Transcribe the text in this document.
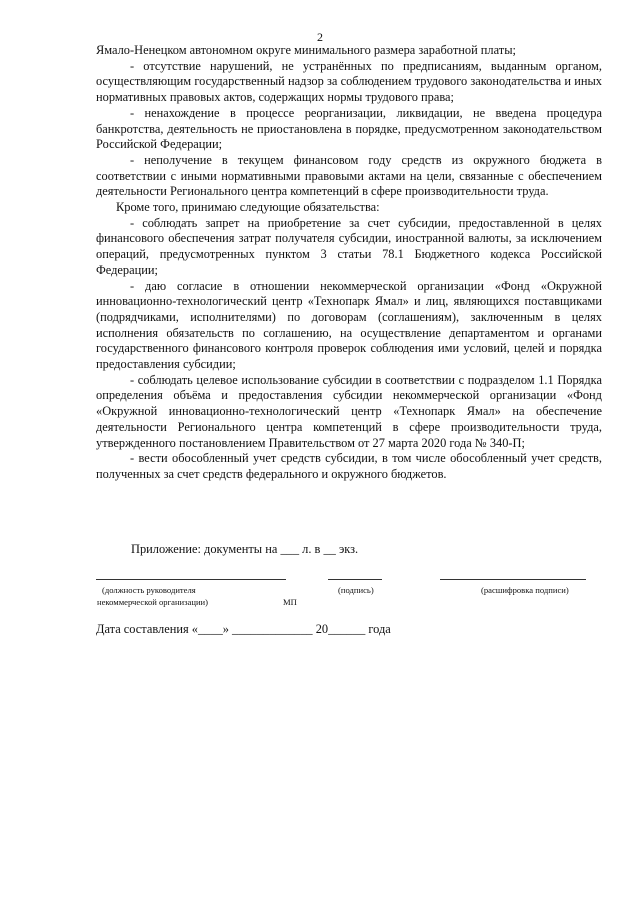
2

Ямало-Ненецком автономном округе минимального размера заработной платы;

- отсутствие нарушений, не устранённых по предписаниям, выданным органом, осуществляющим государственный надзор за соблюдением трудового законодательства и иных нормативных правовых актов, содержащих нормы трудового права;

- ненахождение в процессе реорганизации, ликвидации, не введена процедура банкротства, деятельность не приостановлена в порядке, предусмотренном законодательством Российской Федерации;

- неполучение в текущем финансовом году средств из окружного бюджета в соответствии с иными нормативными правовыми актами на цели, связанные с обеспечением деятельности Регионального центра компетенций в сфере производительности труда.

Кроме того, принимаю следующие обязательства:

- соблюдать запрет на приобретение за счет субсидии, предоставленной в целях финансового обеспечения затрат получателя субсидии, иностранной валюты, за исключением операций, предусмотренных пунктом 3 статьи 78.1 Бюджетного кодекса Российской Федерации;

- даю согласие в отношении некоммерческой организации «Фонд «Окружной инновационно-технологический центр «Технопарк Ямал» и лиц, являющихся поставщиками (подрядчиками, исполнителями) по договорам (соглашениям), заключенным в целях исполнения обязательств по соглашению, на осуществление департаментом и органами государственного финансового контроля проверок соблюдения ими условий, целей и порядка предоставления субсидии;

- соблюдать целевое использование субсидии в соответствии с подразделом 1.1 Порядка определения объёма и предоставления субсидии некоммерческой организации «Фонд «Окружной инновационно-технологический центр «Технопарк Ямал» на обеспечение деятельности Регионального центра компетенций в сфере производительности труда, утвержденного постановлением Правительством от 27 марта 2020 года № 340-П;

- вести обособленный учет средств субсидии, в том числе обособленный учет средств, полученных за счет средств федерального и окружного бюджетов.

Приложение: документы на ___ л. в __ экз.
(должность руководителя
некоммерческой организации)	МП
(подпись)	(расшифровка подписи)
Дата составления «____» _____________ 20______ года
